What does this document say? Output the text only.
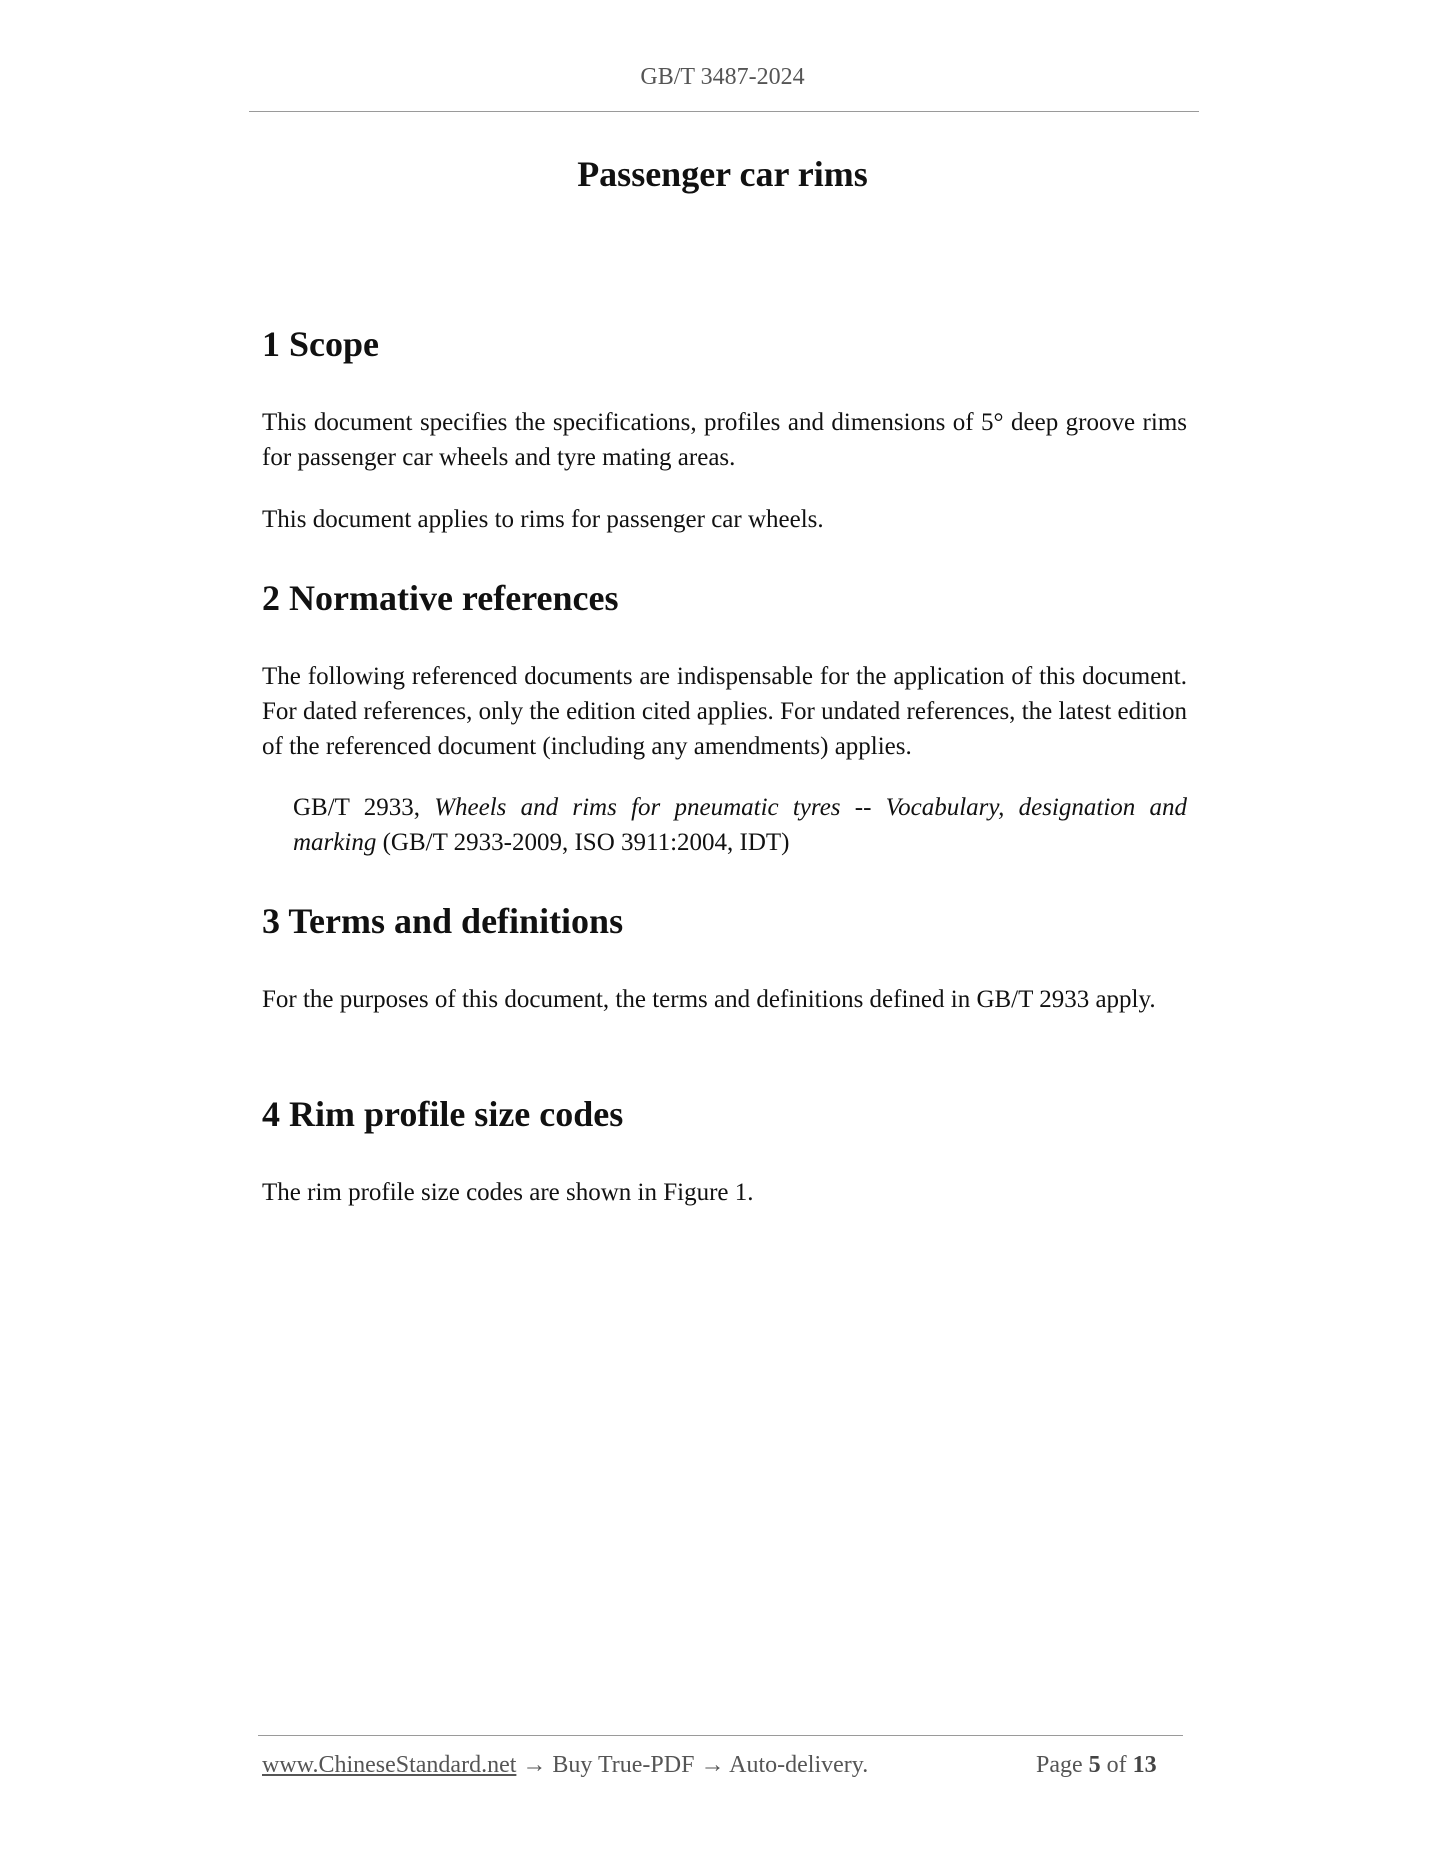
GB/T 3487-2024
Passenger car rims
1 Scope

This document specifies the specifications, profiles and dimensions of 5° deep groove rims for passenger car wheels and tyre mating areas.

This document applies to rims for passenger car wheels.

2 Normative references

The following referenced documents are indispensable for the application of this document. For dated references, only the edition cited applies. For undated references, the latest edition of the referenced document (including any amendments) applies.

GB/T 2933, Wheels and rims for pneumatic tyres -- Vocabulary, designation and marking (GB/T 2933-2009, ISO 3911:2004, IDT)

3 Terms and definitions

For the purposes of this document, the terms and definitions defined in GB/T 2933 apply.

4 Rim profile size codes

The rim profile size codes are shown in Figure 1.

www.ChineseStandard.net → Buy True-PDF → Auto-delivery.	Page 5 of 13
